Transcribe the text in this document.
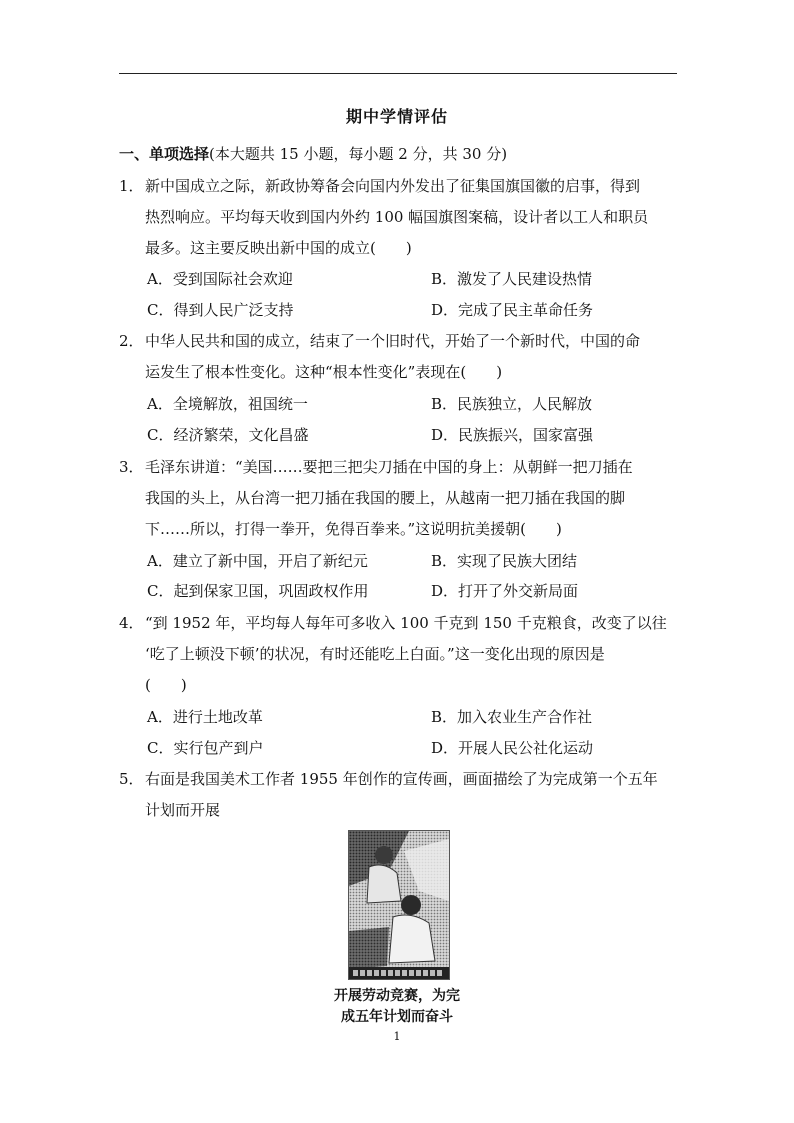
期中学情评估
一、单项选择(本大题共 15 小题，每小题 2 分，共 30 分)
1． 新中国成立之际，新政协筹备会向国内外发出了征集国旗国徽的启事，得到
热烈响应。平均每天收到国内外约 100 幅国旗图案稿，设计者以工人和职员
最多。这主要反映出新中国的成立(　　)
A．受到国际社会欢迎	B．激发了人民建设热情
C．得到人民广泛支持	D．完成了民主革命任务
2． 中华人民共和国的成立，结束了一个旧时代，开始了一个新时代，中国的命
运发生了根本性变化。这种“根本性变化”表现在(　　)
A．全境解放，祖国统一	B．民族独立，人民解放
C．经济繁荣，文化昌盛	D．民族振兴，国家富强
3． 毛泽东讲道：“美国……要把三把尖刀插在中国的身上：从朝鲜一把刀插在
我国的头上，从台湾一把刀插在我国的腰上，从越南一把刀插在我国的脚
下……所以，打得一拳开，免得百拳来。”这说明抗美援朝(　　)
A．建立了新中国，开启了新纪元	B．实现了民族大团结
C．起到保家卫国，巩固政权作用	D．打开了外交新局面
4． “到 1952 年，平均每人每年可多收入 100 千克到 150 千克粮食，改变了以往
‘吃了上顿没下顿’的状况，有时还能吃上白面。”这一变化出现的原因是
(　　)
A．进行土地改革	B．加入农业生产合作社
C．实行包产到户	D．开展人民公社化运动
5． 右面是我国美术工作者 1955 年创作的宣传画，画面描绘了为完成第一个五年
计划而开展
开展劳动竞赛，为完
成五年计划而奋斗
1
